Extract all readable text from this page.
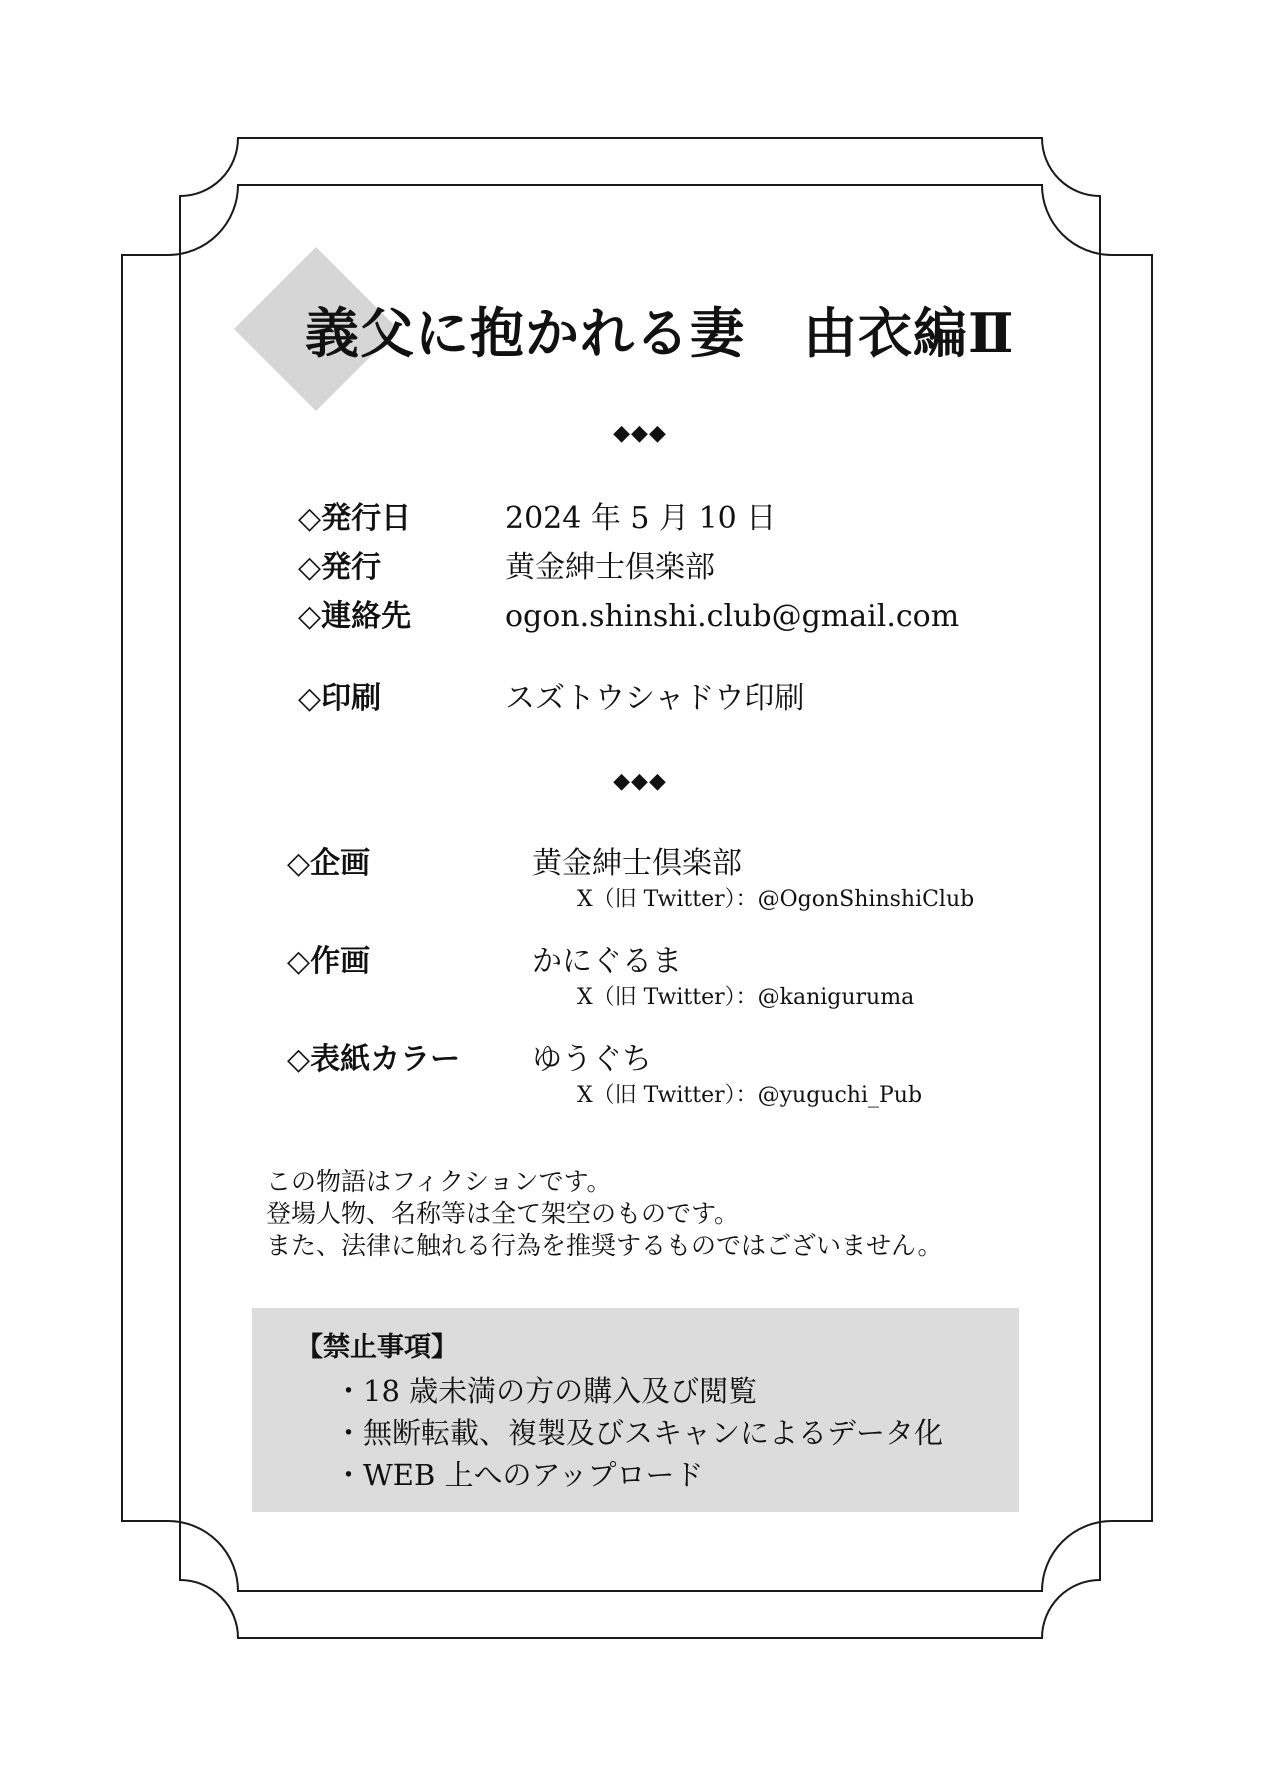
義父に抱かれる妻 由衣編Ⅱ
◆◆◆
◇発行日	2024 年 5 月 10 日
◇発行	黄金紳士倶楽部
◇連絡先	ogon.shinshi.club@gmail.com
◇印刷	スズトウシャドウ印刷
◆◆◆
◇企画	黄金紳士倶楽部
X（旧 Twitter）：@OgonShinshiClub
◇作画	かにぐるま
X（旧 Twitter）：@kaniguruma
◇表紙カラー ゆうぐち
X（旧 Twitter）：@yuguchi_Pub
この物語はフィクションです。
登場人物、名称等は全て架空のものです。
また、法律に触れる行為を推奨するものではございません。
【禁止事項】
・18 歳未満の方の購入及び閲覧
・無断転載、複製及びスキャンによるデータ化
・WEB 上へのアップロード
